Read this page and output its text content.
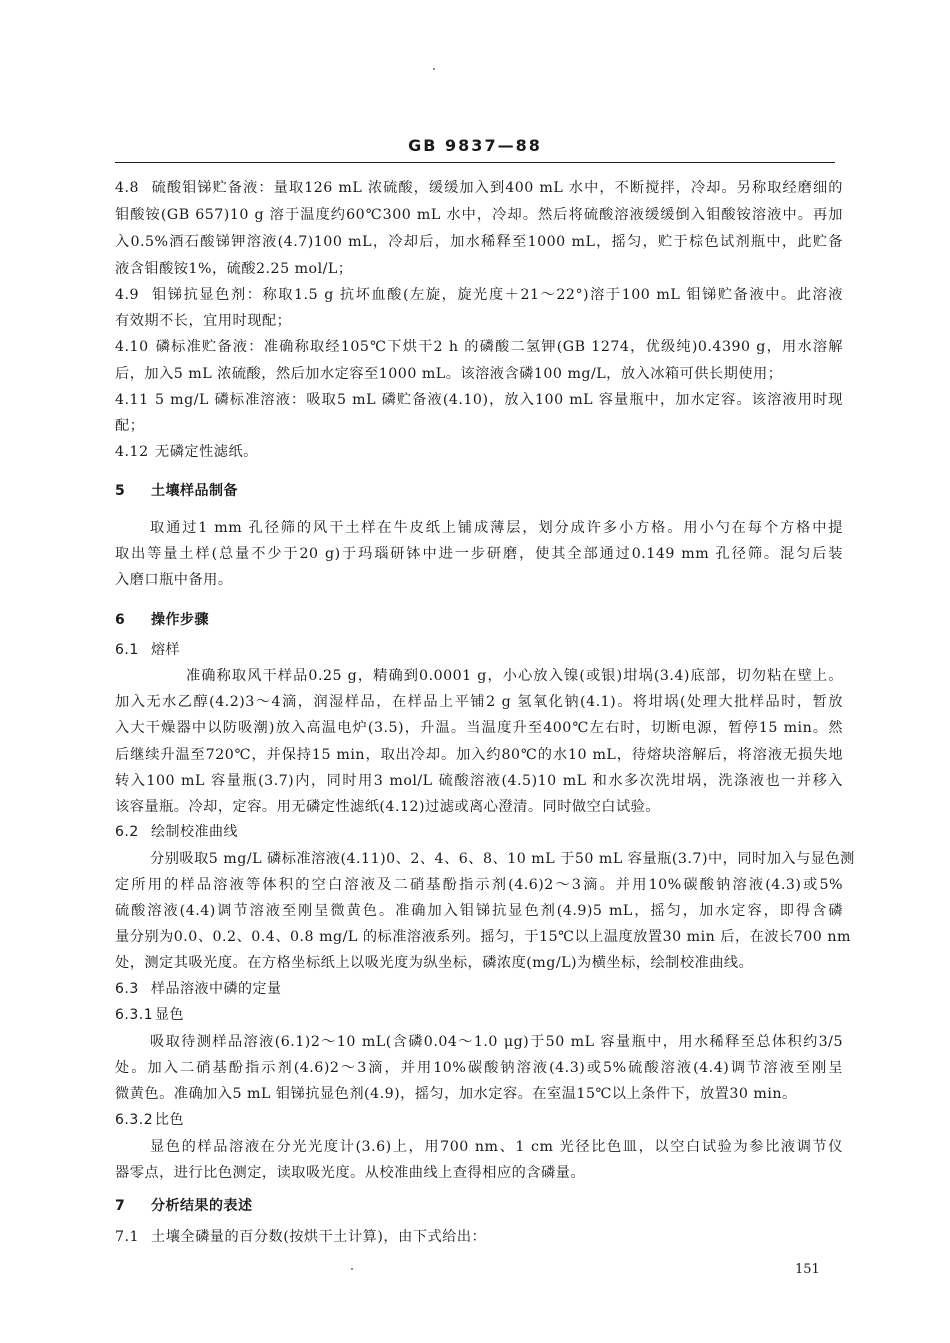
GB 9837—88
4.8 硫酸钼锑贮备液：量取126 mL 浓硫酸，缓缓加入到400 mL 水中，不断搅拌，冷却。另称取经磨细的
钼酸铵(GB 657)10 g 溶于温度约60℃300 mL 水中，冷却。然后将硫酸溶液缓缓倒入钼酸铵溶液中。再加
入0.5%酒石酸锑钾溶液(4.7)100 mL，冷却后，加水稀释至1000 mL，摇匀，贮于棕色试剂瓶中，此贮备
液含钼酸铵1%，硫酸2.25 mol/L；
4.9 钼锑抗显色剂：称取1.5 g 抗坏血酸(左旋，旋光度＋21～22°)溶于100 mL 钼锑贮备液中。此溶液
有效期不长，宜用时现配；
4.10 磷标准贮备液：准确称取经105℃下烘干2 h 的磷酸二氢钾(GB 1274，优级纯)0.4390 g，用水溶解
后，加入5 mL 浓硫酸，然后加水定容至1000 mL。该溶液含磷100 mg/L，放入冰箱可供长期使用；
4.11 5 mg/L 磷标准溶液：吸取5 mL 磷贮备液(4.10)，放入100 mL 容量瓶中，加水定容。该溶液用时现
配；
4.12 无磷定性滤纸。
5 土壤样品制备
取通过1 mm 孔径筛的风干土样在牛皮纸上铺成薄层，划分成许多小方格。用小勺在每个方格中提
取出等量土样(总量不少于20 g)于玛瑙研钵中进一步研磨，使其全部通过0.149 mm 孔径筛。混匀后装
入磨口瓶中备用。
6 操作步骤
6.1 熔样
准确称取风干样品0.25 g，精确到0.0001 g，小心放入镍(或银)坩埚(3.4)底部，切勿粘在壁上。
加入无水乙醇(4.2)3～4滴，润湿样品，在样品上平铺2 g 氢氧化钠(4.1)。将坩埚(处理大批样品时，暂放
入大干燥器中以防吸潮)放入高温电炉(3.5)，升温。当温度升至400℃左右时，切断电源，暂停15 min。然
后继续升温至720℃，并保持15 min，取出冷却。加入约80℃的水10 mL，待熔块溶解后，将溶液无损失地
转入100 mL 容量瓶(3.7)内，同时用3 mol/L 硫酸溶液(4.5)10 mL 和水多次洗坩埚，洗涤液也一并移入
该容量瓶。冷却，定容。用无磷定性滤纸(4.12)过滤或离心澄清。同时做空白试验。
6.2 绘制校准曲线
分别吸取5 mg/L 磷标准溶液(4.11)0、2、4、6、8、10 mL 于50 mL 容量瓶(3.7)中，同时加入与显色测
定所用的样品溶液等体积的空白溶液及二硝基酚指示剂(4.6)2～3滴。并用10%碳酸钠溶液(4.3)或5%
硫酸溶液(4.4)调节溶液至刚呈微黄色。准确加入钼锑抗显色剂(4.9)5 mL，摇匀，加水定容，即得含磷
量分别为0.0、0.2、0.4、0.8 mg/L 的标准溶液系列。摇匀，于15℃以上温度放置30 min 后，在波长700 nm
处，测定其吸光度。在方格坐标纸上以吸光度为纵坐标，磷浓度(mg/L)为横坐标，绘制校准曲线。
6.3 样品溶液中磷的定量
6.3.1 显色
吸取待测样品溶液(6.1)2～10 mL(含磷0.04～1.0 μg)于50 mL 容量瓶中，用水稀释至总体积约3/5
处。加入二硝基酚指示剂(4.6)2～3滴，并用10%碳酸钠溶液(4.3)或5%硫酸溶液(4.4)调节溶液至刚呈
微黄色。准确加入5 mL 钼锑抗显色剂(4.9)，摇匀，加水定容。在室温15℃以上条件下，放置30 min。
6.3.2 比色
显色的样品溶液在分光光度计(3.6)上，用700 nm、1 cm 光径比色皿，以空白试验为参比液调节仪
器零点，进行比色测定，读取吸光度。从校准曲线上查得相应的含磷量。
7 分析结果的表述
7.1 土壤全磷量的百分数(按烘干土计算)，由下式给出：
151
